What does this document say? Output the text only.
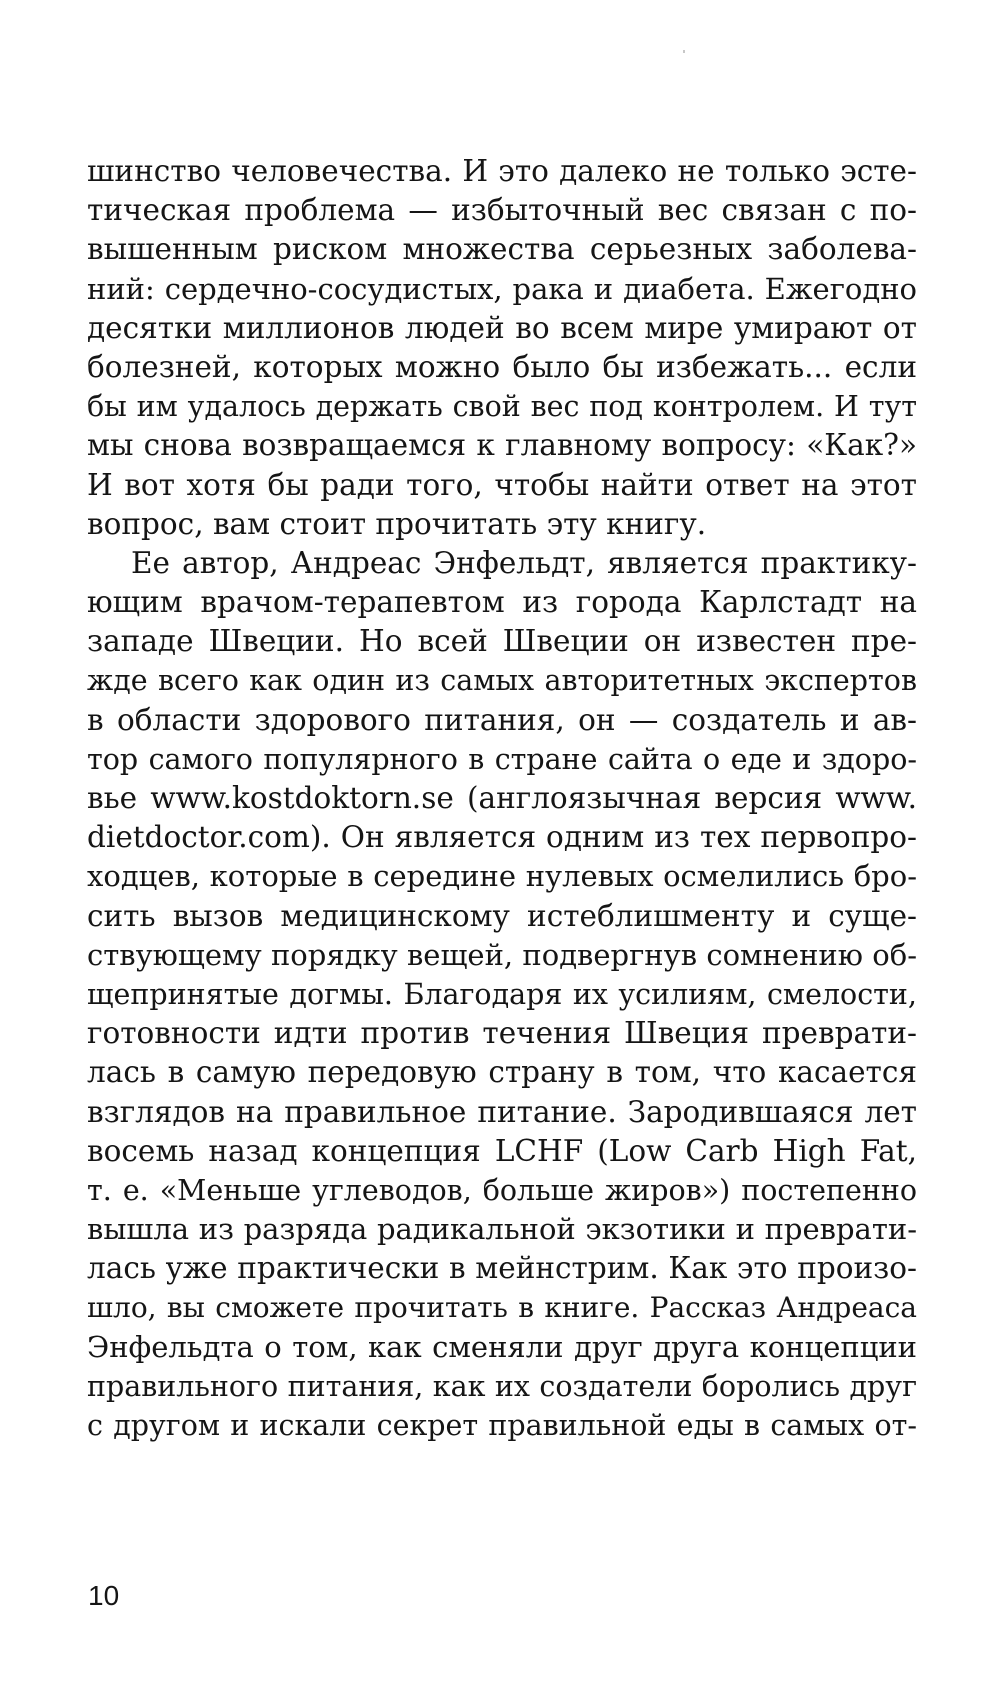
шинство человечества. И это далеко не только эсте-
тическая проблема — избыточный вес связан с по-
вышенным риском множества серьезных заболева-
ний: сердечно-сосудистых, рака и диабета. Ежегодно
десятки миллионов людей во всем мире умирают от
болезней, которых можно было бы избежать... если
бы им удалось держать свой вес под контролем. И тут
мы снова возвращаемся к главному вопросу: «Как?»
И вот хотя бы ради того, чтобы найти ответ на этот
вопрос, вам стоит прочитать эту книгу.
Ее автор, Андреас Энфельдт, является практику-
ющим врачом-терапевтом из города Карлстадт на
западе Швеции. Но всей Швеции он известен пре-
жде всего как один из самых авторитетных экспертов
в области здорового питания, он — создатель и ав-
тор самого популярного в стране сайта о еде и здоро-
вье www.kostdoktorn.se (англоязычная версия www.
dietdoctor.com). Он является одним из тех первопро-
ходцев, которые в середине нулевых осмелились бро-
сить вызов медицинскому истеблишменту и суще-
ствующему порядку вещей, подвергнув сомнению об-
щепринятые догмы. Благодаря их усилиям, смелости,
готовности идти против течения Швеция преврати-
лась в самую передовую страну в том, что касается
взглядов на правильное питание. Зародившаяся лет
восемь назад концепция LCHF (Low Carb High Fat,
т. е. «Меньше углеводов, больше жиров») постепенно
вышла из разряда радикальной экзотики и преврати-
лась уже практически в мейнстрим. Как это произо-
шло, вы сможете прочитать в книге. Рассказ Андреаса
Энфельдта о том, как сменяли друг друга концепции
правильного питания, как их создатели боролись друг
с другом и искали секрет правильной еды в самых от-
10
